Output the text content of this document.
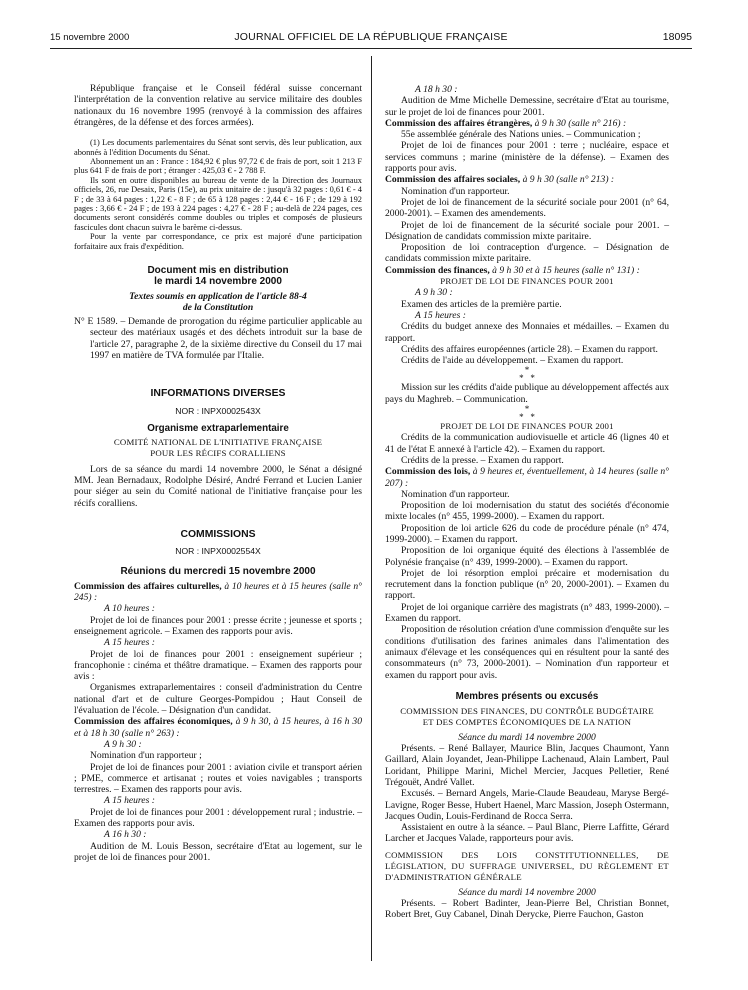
15 novembre 2000	JOURNAL OFFICIEL DE LA RÉPUBLIQUE FRANÇAISE	18095

République française et le Conseil fédéral suisse concernant l'interprétation de la convention relative au service militaire des doubles nationaux du 16 novembre 1995 (renvoyé à la commission des affaires étrangères, de la défense et des forces armées).

(1) Les documents parlementaires du Sénat sont servis, dès leur publication, aux abonnés à l'édition Documents du Sénat.

Abonnement un an : France : 184,92 € plus 97,72 € de frais de port, soit 1 213 F plus 641 F de frais de port ; étranger : 425,03 € - 2 788 F.

Ils sont en outre disponibles au bureau de vente de la Direction des Journaux officiels, 26, rue Desaix, Paris (15e), au prix unitaire de : jusqu'à 32 pages : 0,61 € - 4 F ; de 33 à 64 pages : 1,22 € - 8 F ; de 65 à 128 pages : 2,44 € - 16 F ; de 129 à 192 pages : 3,66 € - 24 F ; de 193 à 224 pages : 4,27 € - 28 F ; au-delà de 224 pages, ces documents seront considérés comme doubles ou triples et composés de plusieurs fascicules dont chacun suivra le barème ci-dessus.

Pour la vente par correspondance, ce prix est majoré d'une participation forfaitaire aux frais d'expédition.

Document mis en distribution
le mardi 14 novembre 2000
Textes soumis en application de l'article 88-4
de la Constitution

N° E 1589. – Demande de prorogation du régime particulier applicable au secteur des matériaux usagés et des déchets introduit sur la base de l'article 27, paragraphe 2, de la sixième directive du Conseil du 17 mai 1997 en matière de TVA formulée par l'Italie.

INFORMATIONS DIVERSES
NOR : INPX0002543X
Organisme extraparlementaire
COMITÉ NATIONAL DE L'INITIATIVE FRANÇAISE
POUR LES RÉCIFS CORALLIENS

Lors de sa séance du mardi 14 novembre 2000, le Sénat a désigné MM. Jean Bernadaux, Rodolphe Désiré, André Ferrand et Lucien Lanier pour siéger au sein du Comité national de l'initiative française pour les récifs coralliens.

COMMISSIONS
NOR : INPX0002554X
Réunions du mercredi 15 novembre 2000

Commission des affaires culturelles, à 10 heures et à 15 heures (salle n° 245) :

A 10 heures :

Projet de loi de finances pour 2001 : presse écrite ; jeunesse et sports ; enseignement agricole. – Examen des rapports pour avis.

A 15 heures :

Projet de loi de finances pour 2001 : enseignement supérieur ; francophonie : cinéma et théâtre dramatique. – Examen des rapports pour avis :

Organismes extraparlementaires : conseil d'administration du Centre national d'art et de culture Georges-Pompidou ; Haut Conseil de l'évaluation de l'école. – Désignation d'un candidat.

Commission des affaires économiques, à 9 h 30, à 15 heures, à 16 h 30 et à 18 h 30 (salle n° 263) :

A 9 h 30 :

Nomination d'un rapporteur ;

Projet de loi de finances pour 2001 : aviation civile et transport aérien ; PME, commerce et artisanat ; routes et voies navigables ; transports terrestres. – Examen des rapports pour avis.

A 15 heures :

Projet de loi de finances pour 2001 : développement rural ; industrie. – Examen des rapports pour avis.

A 16 h 30 :

Audition de M. Louis Besson, secrétaire d'Etat au logement, sur le projet de loi de finances pour 2001.

A 18 h 30 :

Audition de Mme Michelle Demessine, secrétaire d'Etat au tourisme, sur le projet de loi de finances pour 2001.

Commission des affaires étrangères, à 9 h 30 (salle n° 216) :

55e assemblée générale des Nations unies. – Communication ;

Projet de loi de finances pour 2001 : terre ; nucléaire, espace et services communs ; marine (ministère de la défense). – Examen des rapports pour avis.

Commission des affaires sociales, à 9 h 30 (salle n° 213) :

Nomination d'un rapporteur.

Projet de loi de financement de la sécurité sociale pour 2001 (n° 64, 2000-2001). – Examen des amendements.

Projet de loi de financement de la sécurité sociale pour 2001. – Désignation de candidats commission mixte paritaire.

Proposition de loi contraception d'urgence. – Désignation de candidats commission mixte paritaire.

Commission des finances, à 9 h 30 et à 15 heures (salle n° 131) :

PROJET DE LOI DE FINANCES POUR 2001

A 9 h 30 :

Examen des articles de la première partie.

A 15 heures :

Crédits du budget annexe des Monnaies et médailles. – Examen du rapport.

Crédits des affaires européennes (article 28). – Examen du rapport.

Crédits de l'aide au développement. – Examen du rapport.

*
*   *

Mission sur les crédits d'aide publique au développement affectés aux pays du Maghreb. – Communication.

*
*   *
PROJET DE LOI DE FINANCES POUR 2001

Crédits de la communication audiovisuelle et article 46 (lignes 40 et 41 de l'état E annexé à l'article 42). – Examen du rapport.

Crédits de la presse. – Examen du rapport.

Commission des lois, à 9 heures et, éventuellement, à 14 heures (salle n° 207) :

Nomination d'un rapporteur.

Proposition de loi modernisation du statut des sociétés d'économie mixte locales (n° 455, 1999-2000). – Examen du rapport.

Proposition de loi article 626 du code de procédure pénale (n° 474, 1999-2000). – Examen du rapport.

Proposition de loi organique équité des élections à l'assemblée de Polynésie française (n° 439, 1999-2000). – Examen du rapport.

Projet de loi résorption emploi précaire et modernisation du recrutement dans la fonction publique (n° 20, 2000-2001). – Examen du rapport.

Projet de loi organique carrière des magistrats (n° 483, 1999-2000). – Examen du rapport.

Proposition de résolution création d'une commission d'enquête sur les conditions d'utilisation des farines animales dans l'alimentation des animaux d'élevage et les conséquences qui en résultent pour la santé des consommateurs (n° 73, 2000-2001). – Nomination d'un rapporteur et examen du rapport pour avis.

Membres présents ou excusés
COMMISSION DES FINANCES, DU CONTRÔLE BUDGÉTAIRE
ET DES COMPTES ÉCONOMIQUES DE LA NATION
Séance du mardi 14 novembre 2000

Présents. – René Ballayer, Maurice Blin, Jacques Chaumont, Yann Gaillard, Alain Joyandet, Jean-Philippe Lachenaud, Alain Lambert, Paul Loridant, Philippe Marini, Michel Mercier, Jacques Pelletier, René Trégouët, André Vallet.

Excusés. – Bernard Angels, Marie-Claude Beaudeau, Maryse Bergé-Lavigne, Roger Besse, Hubert Haenel, Marc Massion, Joseph Ostermann, Jacques Oudin, Louis-Ferdinand de Rocca Serra.

Assistaient en outre à la séance. – Paul Blanc, Pierre Laffitte, Gérard Larcher et Jacques Valade, rapporteurs pour avis.

COMMISSION DES LOIS CONSTITUTIONNELLES, DE LÉGISLATION, DU SUFFRAGE UNIVERSEL, DU RÈGLEMENT ET D'ADMINISTRATION GÉNÉRALE

Séance du mardi 14 novembre 2000

Présents. – Robert Badinter, Jean-Pierre Bel, Christian Bonnet, Robert Bret, Guy Cabanel, Dinah Derycke, Pierre Fauchon, Gaston
